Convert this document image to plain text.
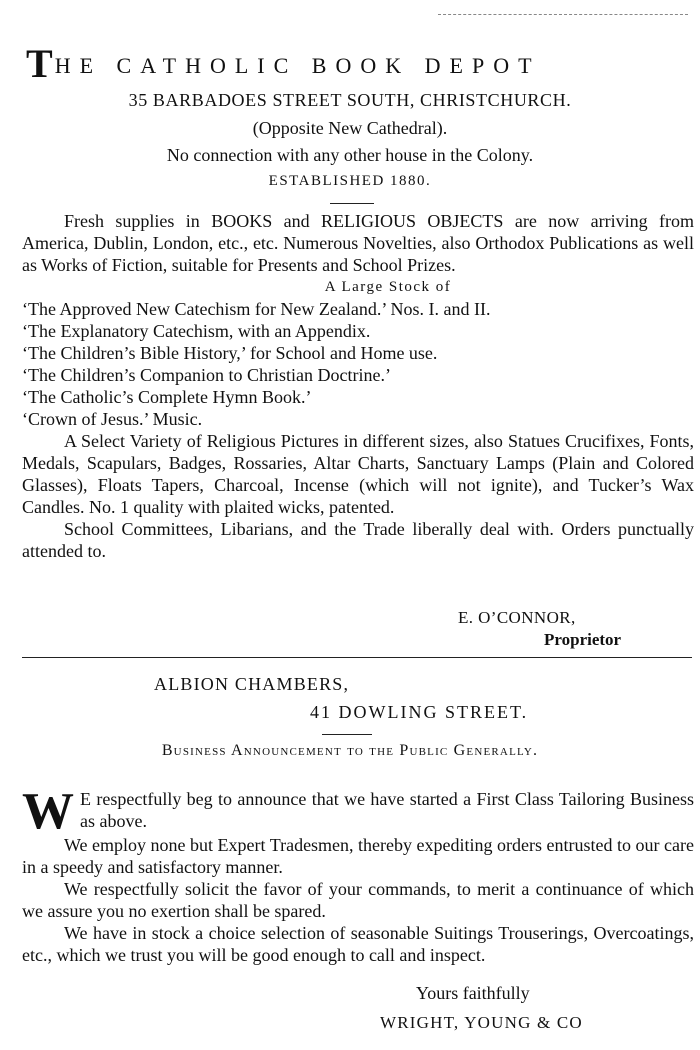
THE CATHOLIC BOOK DEPOT
35 BARBADOES STREET SOUTH, CHRISTCHURCH.
(Opposite New Cathedral).
No connection with any other house in the Colony.
ESTABLISHED 1880.

Fresh supplies in BOOKS and RELIGIOUS OBJECTS are now arriving from America, Dublin, London, etc., etc. Numerous Novelties, also Orthodox Publications as well as Works of Fiction, suitable for Presents and School Prizes.

A Large Stock of

‘The Approved New Catechism for New Zealand.’ Nos. I. and II.
‘The Explanatory Catechism, with an Appendix.
‘The Children’s Bible History,’ for School and Home use.
‘The Children’s Companion to Christian Doctrine.’
‘The Catholic’s Complete Hymn Book.’
‘Crown of Jesus.’ Music.

A Select Variety of Religious Pictures in different sizes, also Statues Crucifixes, Fonts, Medals, Scapulars, Badges, Rossaries, Altar Charts, Sanctuary Lamps (Plain and Colored Glasses), Floats Tapers, Charcoal, Incense (which will not ignite), and Tucker’s Wax Candles. No. 1 quality with plaited wicks, patented.

School Committees, Libarians, and the Trade liberally deal with. Orders punctually attended to.

E. O’CONNOR,
Proprietor
ALBION CHAMBERS,
41 DOWLING STREET.
Business Announcement to the Public Generally.

W E respectfully beg to announce that we have started a First Class Tailoring Business as above.

We employ none but Expert Tradesmen, thereby expediting orders entrusted to our care in a speedy and satisfactory manner.

We respectfully solicit the favor of your commands, to merit a continuance of which we assure you no exertion shall be spared.

We have in stock a choice selection of seasonable Suitings Trouserings, Overcoatings, etc., which we trust you will be good enough to call and inspect.

Yours faithfully
WRIGHT, YOUNG & CO
